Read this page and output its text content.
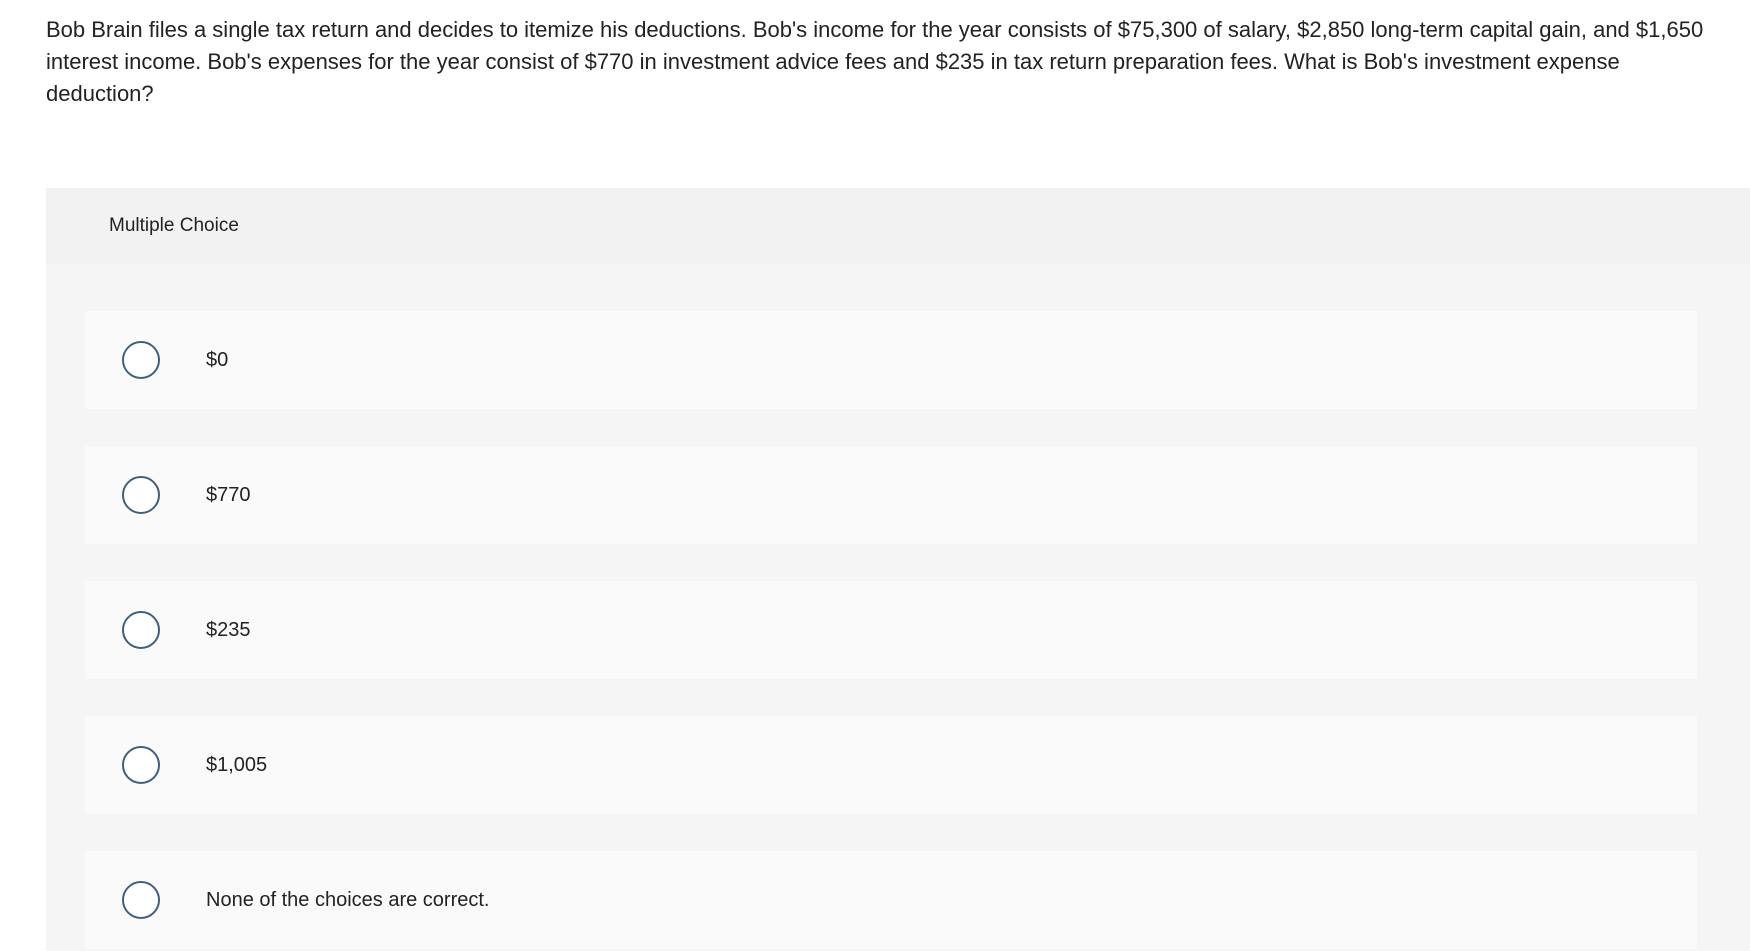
Bob Brain files a single tax return and decides to itemize his deductions. Bob's income for the year consists of $75,300 of salary, $2,850 long-term capital gain, and $1,650 interest income. Bob's expenses for the year consist of $770 in investment advice fees and $235 in tax return preparation fees. What is Bob's investment expense deduction?

Multiple Choice
$0
$770
$235
$1,005
None of the choices are correct.
